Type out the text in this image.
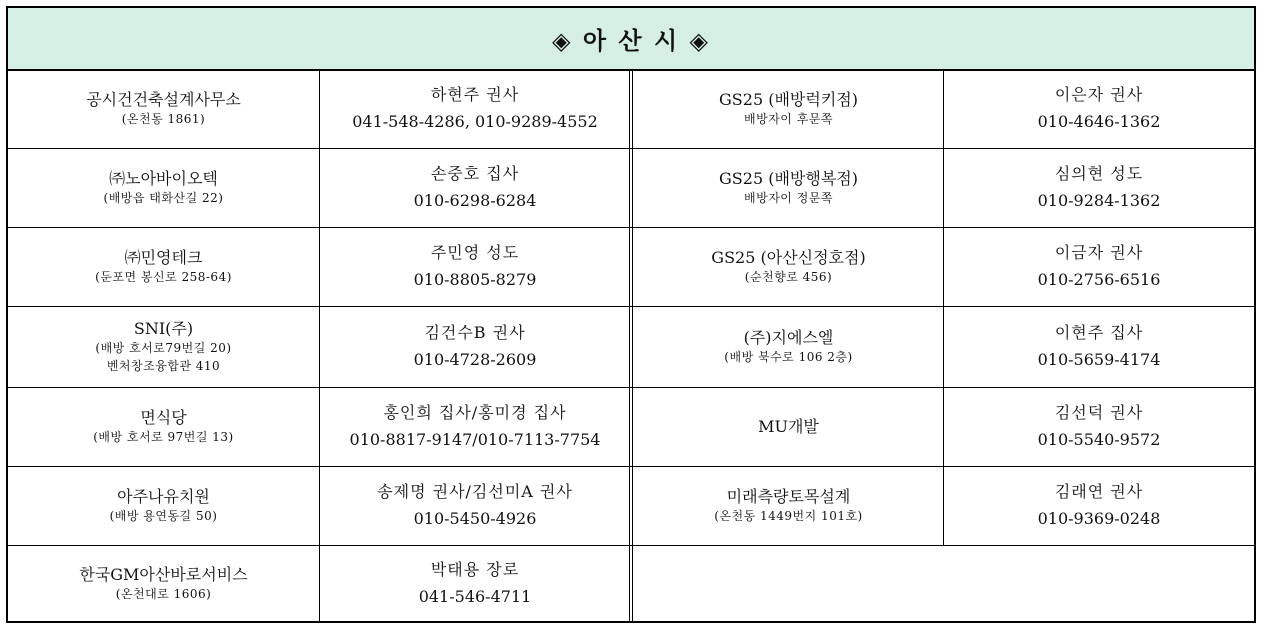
◈ 아 산 시 ◈
공시건건축설계사무소
(온천동 1861)
하현주 권사
041-548-4286, 010-9289-4552
GS25 (배방럭키점)
배방자이 후문쪽
이은자 권사
010-4646-1362
㈜노아바이오텍
(배방읍 태화산길 22)
손중호 집사
010-6298-6284
GS25 (배방행복점)
배방자이 정문쪽
심의현 성도
010-9284-1362
㈜민영테크
(둔포면 봉신로 258-64)
주민영 성도
010-8805-8279
GS25 (아산신정호점)
(순천향로 456)
이금자 권사
010-2756-6516
SNI(주)
(배방 호서로79번길 20)
벤처창조융합관 410
김건수B 권사
010-4728-2609
(주)지에스엘
(배방 북수로 106 2층)
이현주 집사
010-5659-4174
면식당
(배방 호서로 97번길 13)
홍인희 집사/홍미경 집사
010-8817-9147/010-7113-7754
MU개발
김선덕 권사
010-5540-9572
아주나유치원
(배방 용연동길 50)
송제명 권사/김선미A 권사
010-5450-4926
미래측량토목설계
(온천동 1449번지 101호)
김래연 권사
010-9369-0248
한국GM아산바로서비스
(온천대로 1606)
박태용 장로
041-546-4711
